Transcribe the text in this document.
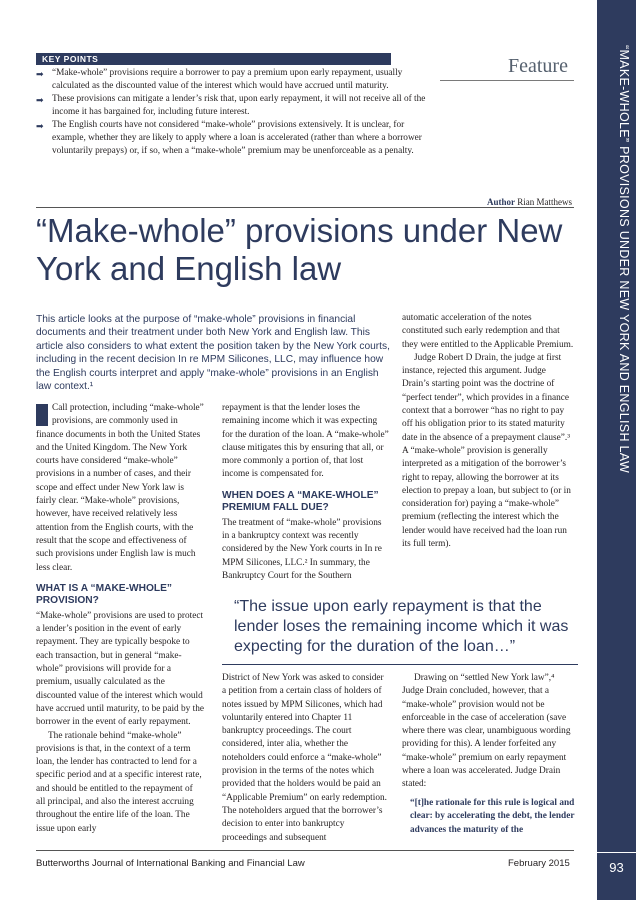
“MAKE-WHOLE” PROVISIONS UNDER NEW YORK AND ENGLISH LAW
93
KEY POINTS
➡ “Make-whole” provisions require a borrower to pay a premium upon early repayment, usually calculated as the discounted value of the interest which would have accrued until maturity.
➡ These provisions can mitigate a lender’s risk that, upon early repayment, it will not receive all of the income it has bargained for, including future interest.
➡ The English courts have not considered “make-whole” provisions extensively. It is unclear, for example, whether they are likely to apply where a loan is accelerated (rather than where a borrower voluntarily prepays) or, if so, when a “make-whole” premium may be unenforceable as a penalty.
Feature
Author Rian Matthews
“Make-whole” provisions under New York and English law
This article looks at the purpose of “make-whole” provisions in financial documents and their treatment under both New York and English law. This article also considers to what extent the position taken by the New York courts, including in the recent decision In re MPM Silicones, LLC, may influence how the English courts interpret and apply “make-whole” provisions in an English law context.¹

Call protection, including “make-whole” provisions, are commonly used in finance documents in both the United States and the United Kingdom. The New York courts have considered “make-whole” provisions in a number of cases, and their scope and effect under New York law is fairly clear. “Make-whole” provisions, however, have received relatively less attention from the English courts, with the result that the scope and effectiveness of such provisions under English law is much less clear.

WHAT IS A “MAKE-WHOLE” PROVISION?

“Make-whole” provisions are used to protect a lender’s position in the event of early repayment. They are typically bespoke to each transaction, but in general “make-whole” provisions will provide for a premium, usually calculated as the discounted value of the interest which would have accrued until maturity, to be paid by the borrower in the event of early repayment.

The rationale behind “make-whole” provisions is that, in the context of a term loan, the lender has contracted to lend for a specific period and at a specific interest rate, and should be entitled to the repayment of all principal, and also the interest accruing throughout the entire life of the loan. The issue upon early

repayment is that the lender loses the remaining income which it was expecting for the duration of the loan. A “make-whole” clause mitigates this by ensuring that all, or more commonly a portion of, that lost income is compensated for.

WHEN DOES A “MAKE-WHOLE” PREMIUM FALL DUE?

The treatment of “make-whole” provisions in a bankruptcy context was recently considered by the New York courts in In re MPM Silicones, LLC.² In summary, the Bankruptcy Court for the Southern

automatic acceleration of the notes constituted such early redemption and that they were entitled to the Applicable Premium.

Judge Robert D Drain, the judge at first instance, rejected this argument. Judge Drain’s starting point was the doctrine of “perfect tender”, which provides in a finance context that a borrower “has no right to pay off his obligation prior to its stated maturity date in the absence of a prepayment clause”.³ A “make-whole” provision is generally interpreted as a mitigation of the borrower’s right to repay, allowing the borrower at its election to prepay a loan, but subject to (or in consideration for) paying a “make-whole” premium (reflecting the interest which the lender would have received had the loan run its full term).

“The issue upon early repayment is that the lender loses the remaining income which it was expecting for the duration of the loan…”

District of New York was asked to consider a petition from a certain class of holders of notes issued by MPM Silicones, which had voluntarily entered into Chapter 11 bankruptcy proceedings. The court considered, inter alia, whether the noteholders could enforce a “make-whole” provision in the terms of the notes which provided that the holders would be paid an “Applicable Premium” on early redemption. The noteholders argued that the borrower’s decision to enter into bankruptcy proceedings and subsequent

Drawing on “settled New York law”,⁴ Judge Drain concluded, however, that a “make-whole” provision would not be enforceable in the case of acceleration (save where there was clear, unambiguous wording providing for this). A lender forfeited any “make-whole” premium on early repayment where a loan was accelerated. Judge Drain stated:

“[t]he rationale for this rule is logical and clear: by accelerating the debt, the lender advances the maturity of the
Butterworths Journal of International Banking and Financial Law	February 2015
